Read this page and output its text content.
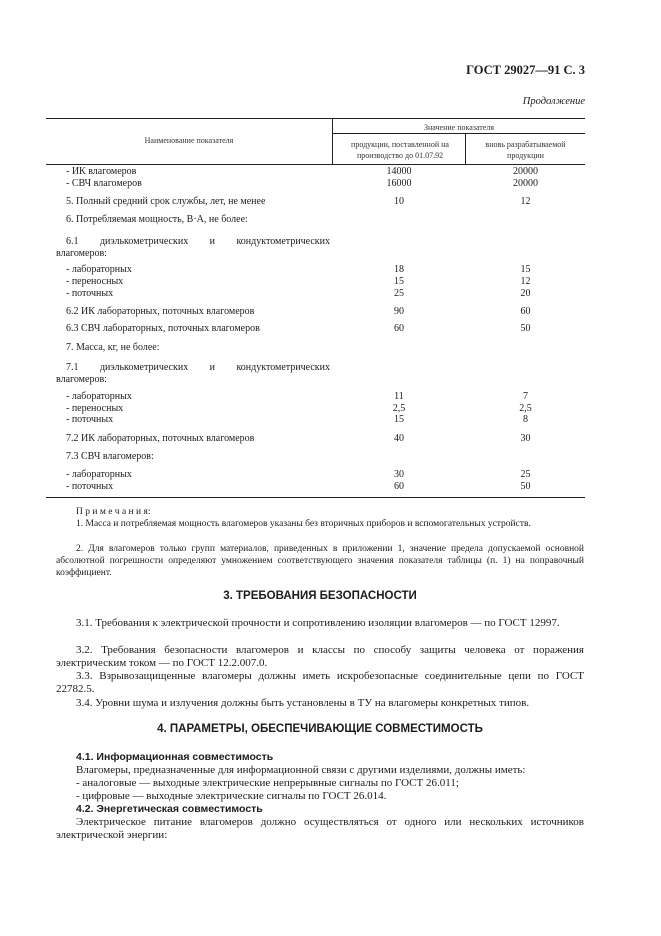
ГОСТ 29027—91 С. 3
Продолжение
Наименование показателя
Значение показателя
продукции, поставленной на производство до 01.07.92
вновь разрабатываемой продукции
- ИК влагомеров	14000	20000
- СВЧ влагомеров	16000	20000
5. Полный средний срок службы, лет, не менее	10	12
6. Потребляемая мощность, В·А, не более:
6.1 диэлькометрических и кондуктометрических
влагомеров:
- лабораторных	18	15
- переносных	15	12
- поточных	25	20
6.2 ИК лабораторных, поточных влагомеров	90	60
6.3 СВЧ лабораторных, поточных влагомеров	60	50
7. Масса, кг, не более:
7.1 диэлькометрических и кондуктометрических
влагомеров:
- лабораторных	11	7
- переносных	2,5	2,5
- поточных	15	8
7.2 ИК лабораторных, поточных влагомеров	40	30
7.3 СВЧ влагомеров:
- лабораторных	30	25
- поточных	60	50
П р и м е ч а н и я:
1. Масса и потребляемая мощность влагомеров указаны без вторичных приборов и вспомогательных устройств.
2. Для влагомеров только групп материалов, приведенных в приложении 1, значение предела допускаемой основной абсолютной погрешности определяют умножением соответствующего значения показателя таблицы (п. 1) на поправочный коэффициент.
3. ТРЕБОВАНИЯ БЕЗОПАСНОСТИ
3.1. Требования к электрической прочности и сопротивлению изоляции влагомеров — по ГОСТ 12997.
3.2. Требования безопасности влагомеров и классы по способу защиты человека от поражения электрическим током — по ГОСТ 12.2.007.0.
3.3. Взрывозащищенные влагомеры должны иметь искробезопасные соединительные цепи по ГОСТ 22782.5.
3.4. Уровни шума и излучения должны быть установлены в ТУ на влагомеры конкретных типов.
4. ПАРАМЕТРЫ, ОБЕСПЕЧИВАЮЩИЕ СОВМЕСТИМОСТЬ
4.1. Информационная совместимость
Влагомеры, предназначенные для информационной связи с другими изделиями, должны иметь:
- аналоговые — выходные электрические непрерывные сигналы по ГОСТ 26.011;
- цифровые — выходные электрические сигналы по ГОСТ 26.014.
4.2. Энергетическая совместимость
Электрическое питание влагомеров должно осуществляться от одного или нескольких источников электрической энергии:
